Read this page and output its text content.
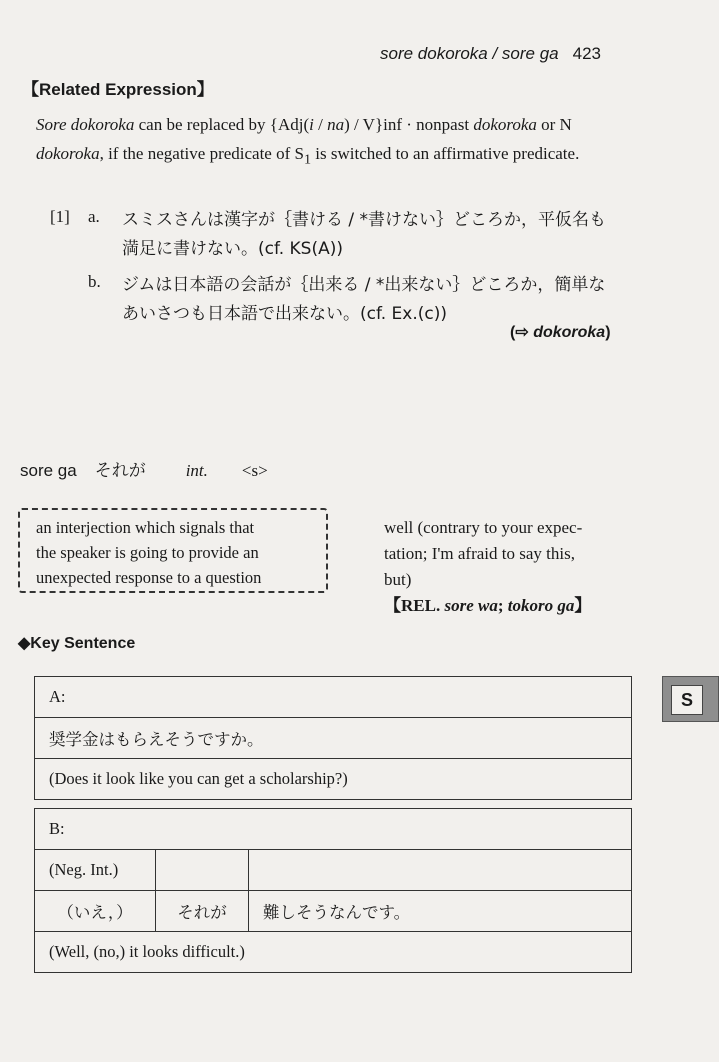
sore dokoroka / sore ga 423
【Related Expression】
Sore dokoroka can be replaced by {Adj(i / na) / V}inf · nonpast dokoroka or N dokoroka, if the negative predicate of $S_1$ is switched to an affirmative predicate.
[1] a. スミスさんは漢字が｛書ける / *書けない｝どころか，平仮名も
満足に書けない。(cf. KS(A))
b. ジムは日本語の会話が｛出来る / *出来ない｝どころか，簡単な
あいさつも日本語で出来ない。(cf. Ex.(c))
(⇨ dokoroka)
sore ga それが int. <s>
an interjection which signals that
the speaker is going to provide an
unexpected response to a question
well (contrary to your expec-
tation; I'm afraid to say this,
but)
【REL. sore wa; tokoro ga】
◆Key Sentence
A:
奨学金はもらえそうですか。
(Does it look like you can get a scholarship?)
B:		
(Neg. Int.)		
（いえ，）	それが	難しそうなんです。
(Well, (no,) it looks difficult.)		
S
